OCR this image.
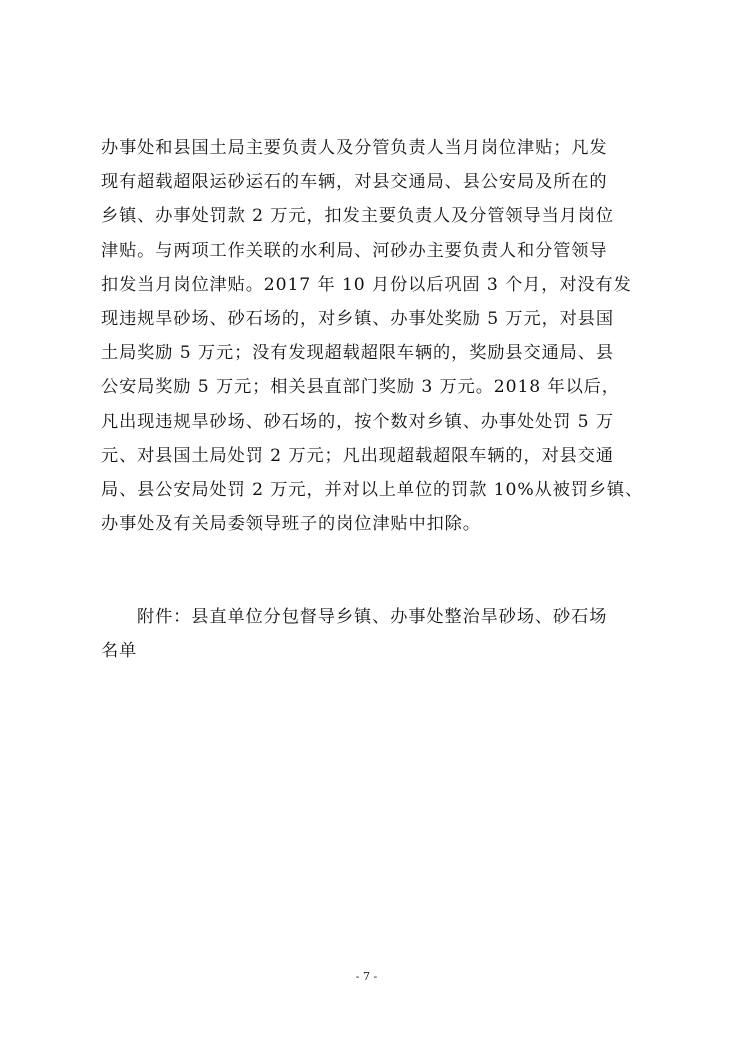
办事处和县国土局主要负责人及分管负责人当月岗位津贴；凡发
现有超载超限运砂运石的车辆，对县交通局、县公安局及所在的
乡镇、办事处罚款 2 万元，扣发主要负责人及分管领导当月岗位
津贴。与两项工作关联的水利局、河砂办主要负责人和分管领导
扣发当月岗位津贴。2017 年 10 月份以后巩固 3 个月，对没有发
现违规旱砂场、砂石场的，对乡镇、办事处奖励 5 万元，对县国
土局奖励 5 万元；没有发现超载超限车辆的，奖励县交通局、县
公安局奖励 5 万元；相关县直部门奖励 3 万元。2018 年以后，
凡出现违规旱砂场、砂石场的，按个数对乡镇、办事处处罚 5 万
元、对县国土局处罚 2 万元；凡出现超载超限车辆的，对县交通
局、县公安局处罚 2 万元，并对以上单位的罚款 10%从被罚乡镇、
办事处及有关局委领导班子的岗位津贴中扣除。
附件：县直单位分包督导乡镇、办事处整治旱砂场、砂石场
名单
- 7 -
